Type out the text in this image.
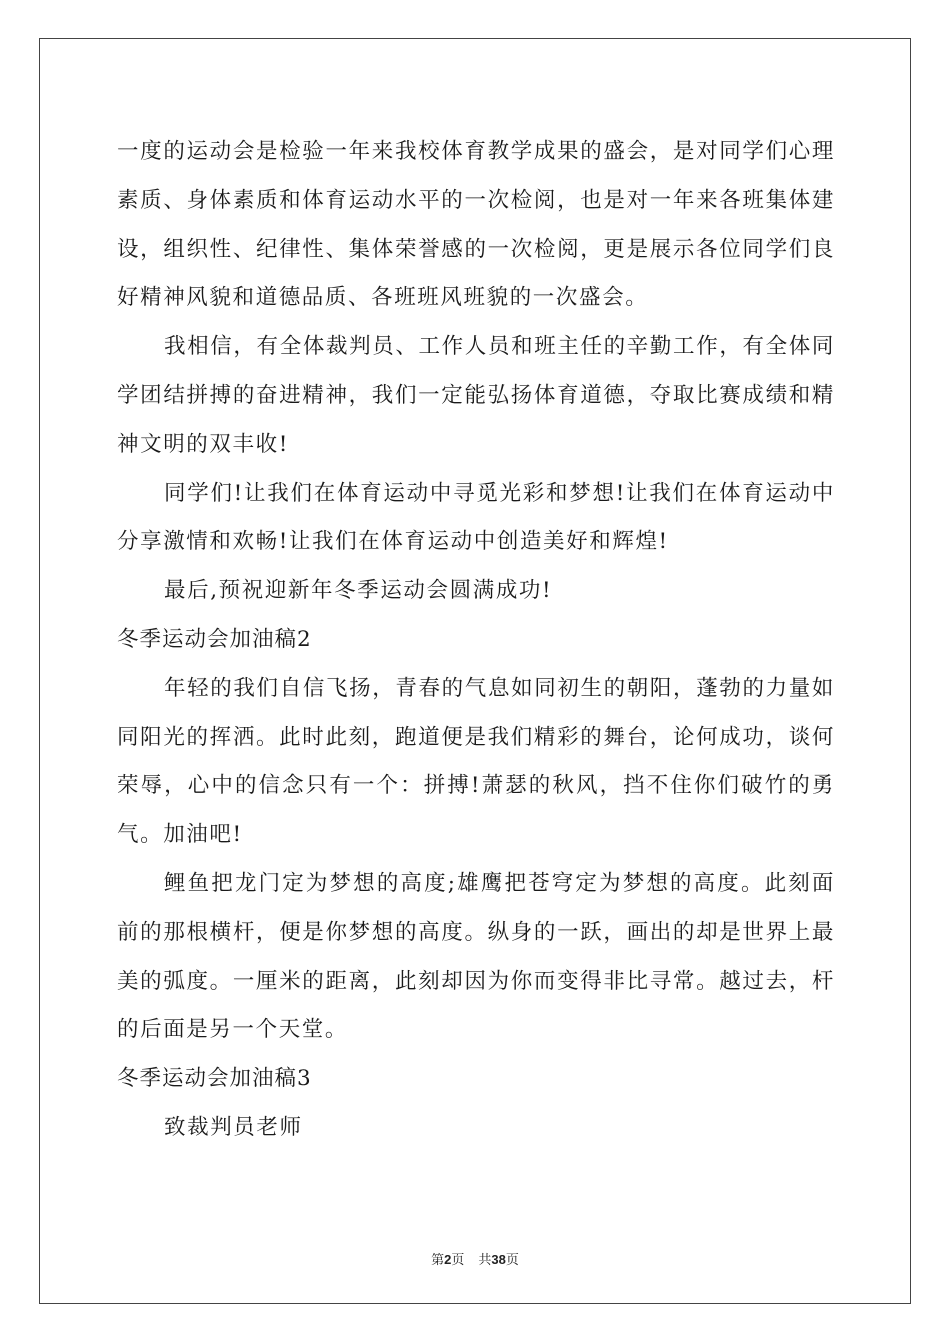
一度的运动会是检验一年来我校体育教学成果的盛会，是对同学们心理素质、身体素质和体育运动水平的一次检阅，也是对一年来各班集体建设，组织性、纪律性、集体荣誉感的一次检阅，更是展示各位同学们良好精神风貌和道德品质、各班班风班貌的一次盛会。

我相信，有全体裁判员、工作人员和班主任的辛勤工作，有全体同学团结拼搏的奋进精神，我们一定能弘扬体育道德，夺取比赛成绩和精神文明的双丰收!

同学们!让我们在体育运动中寻觅光彩和梦想!让我们在体育运动中分享激情和欢畅!让我们在体育运动中创造美好和辉煌!

最后,预祝迎新年冬季运动会圆满成功!

冬季运动会加油稿2

年轻的我们自信飞扬，青春的气息如同初生的朝阳，蓬勃的力量如同阳光的挥洒。此时此刻，跑道便是我们精彩的舞台，论何成功，谈何荣辱，心中的信念只有一个：拼搏!萧瑟的秋风，挡不住你们破竹的勇气。加油吧!

鲤鱼把龙门定为梦想的高度;雄鹰把苍穹定为梦想的高度。此刻面前的那根横杆，便是你梦想的高度。纵身的一跃，画出的却是世界上最美的弧度。一厘米的距离，此刻却因为你而变得非比寻常。越过去，杆的后面是另一个天堂。

冬季运动会加油稿3

致裁判员老师

第2页 共38页
